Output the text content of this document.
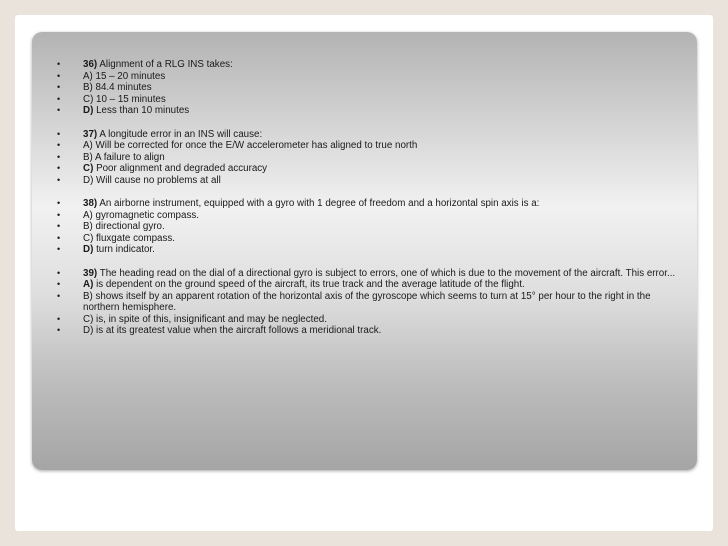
• 36) Alignment of a RLG INS takes:
• A) 15 – 20 minutes
• B) 84.4 minutes
• C) 10 – 15 minutes
• D) Less than 10 minutes
• 37) A longitude error in an INS will cause:
• A) Will be corrected for once the E/W accelerometer has aligned to true north
• B) A failure to align
• C) Poor alignment and degraded accuracy
• D) Will cause no problems at all
• 38) An airborne instrument, equipped with a gyro with 1 degree of freedom and a horizontal spin axis is a:
• A) gyromagnetic compass.
• B) directional gyro.
• C) fluxgate compass.
• D) turn indicator.
• 39) The heading read on the dial of a directional gyro is subject to errors, one of which is due to the movement of the aircraft. This error...
• A) is dependent on the ground speed of the aircraft, its true track and the average latitude of the flight.
• B) shows itself by an apparent rotation of the horizontal axis of the gyroscope which seems to turn at 15° per hour to the right in the northern hemisphere.
• C) is, in spite of this, insignificant and may be neglected.
• D) is at its greatest value when the aircraft follows a meridional track.
